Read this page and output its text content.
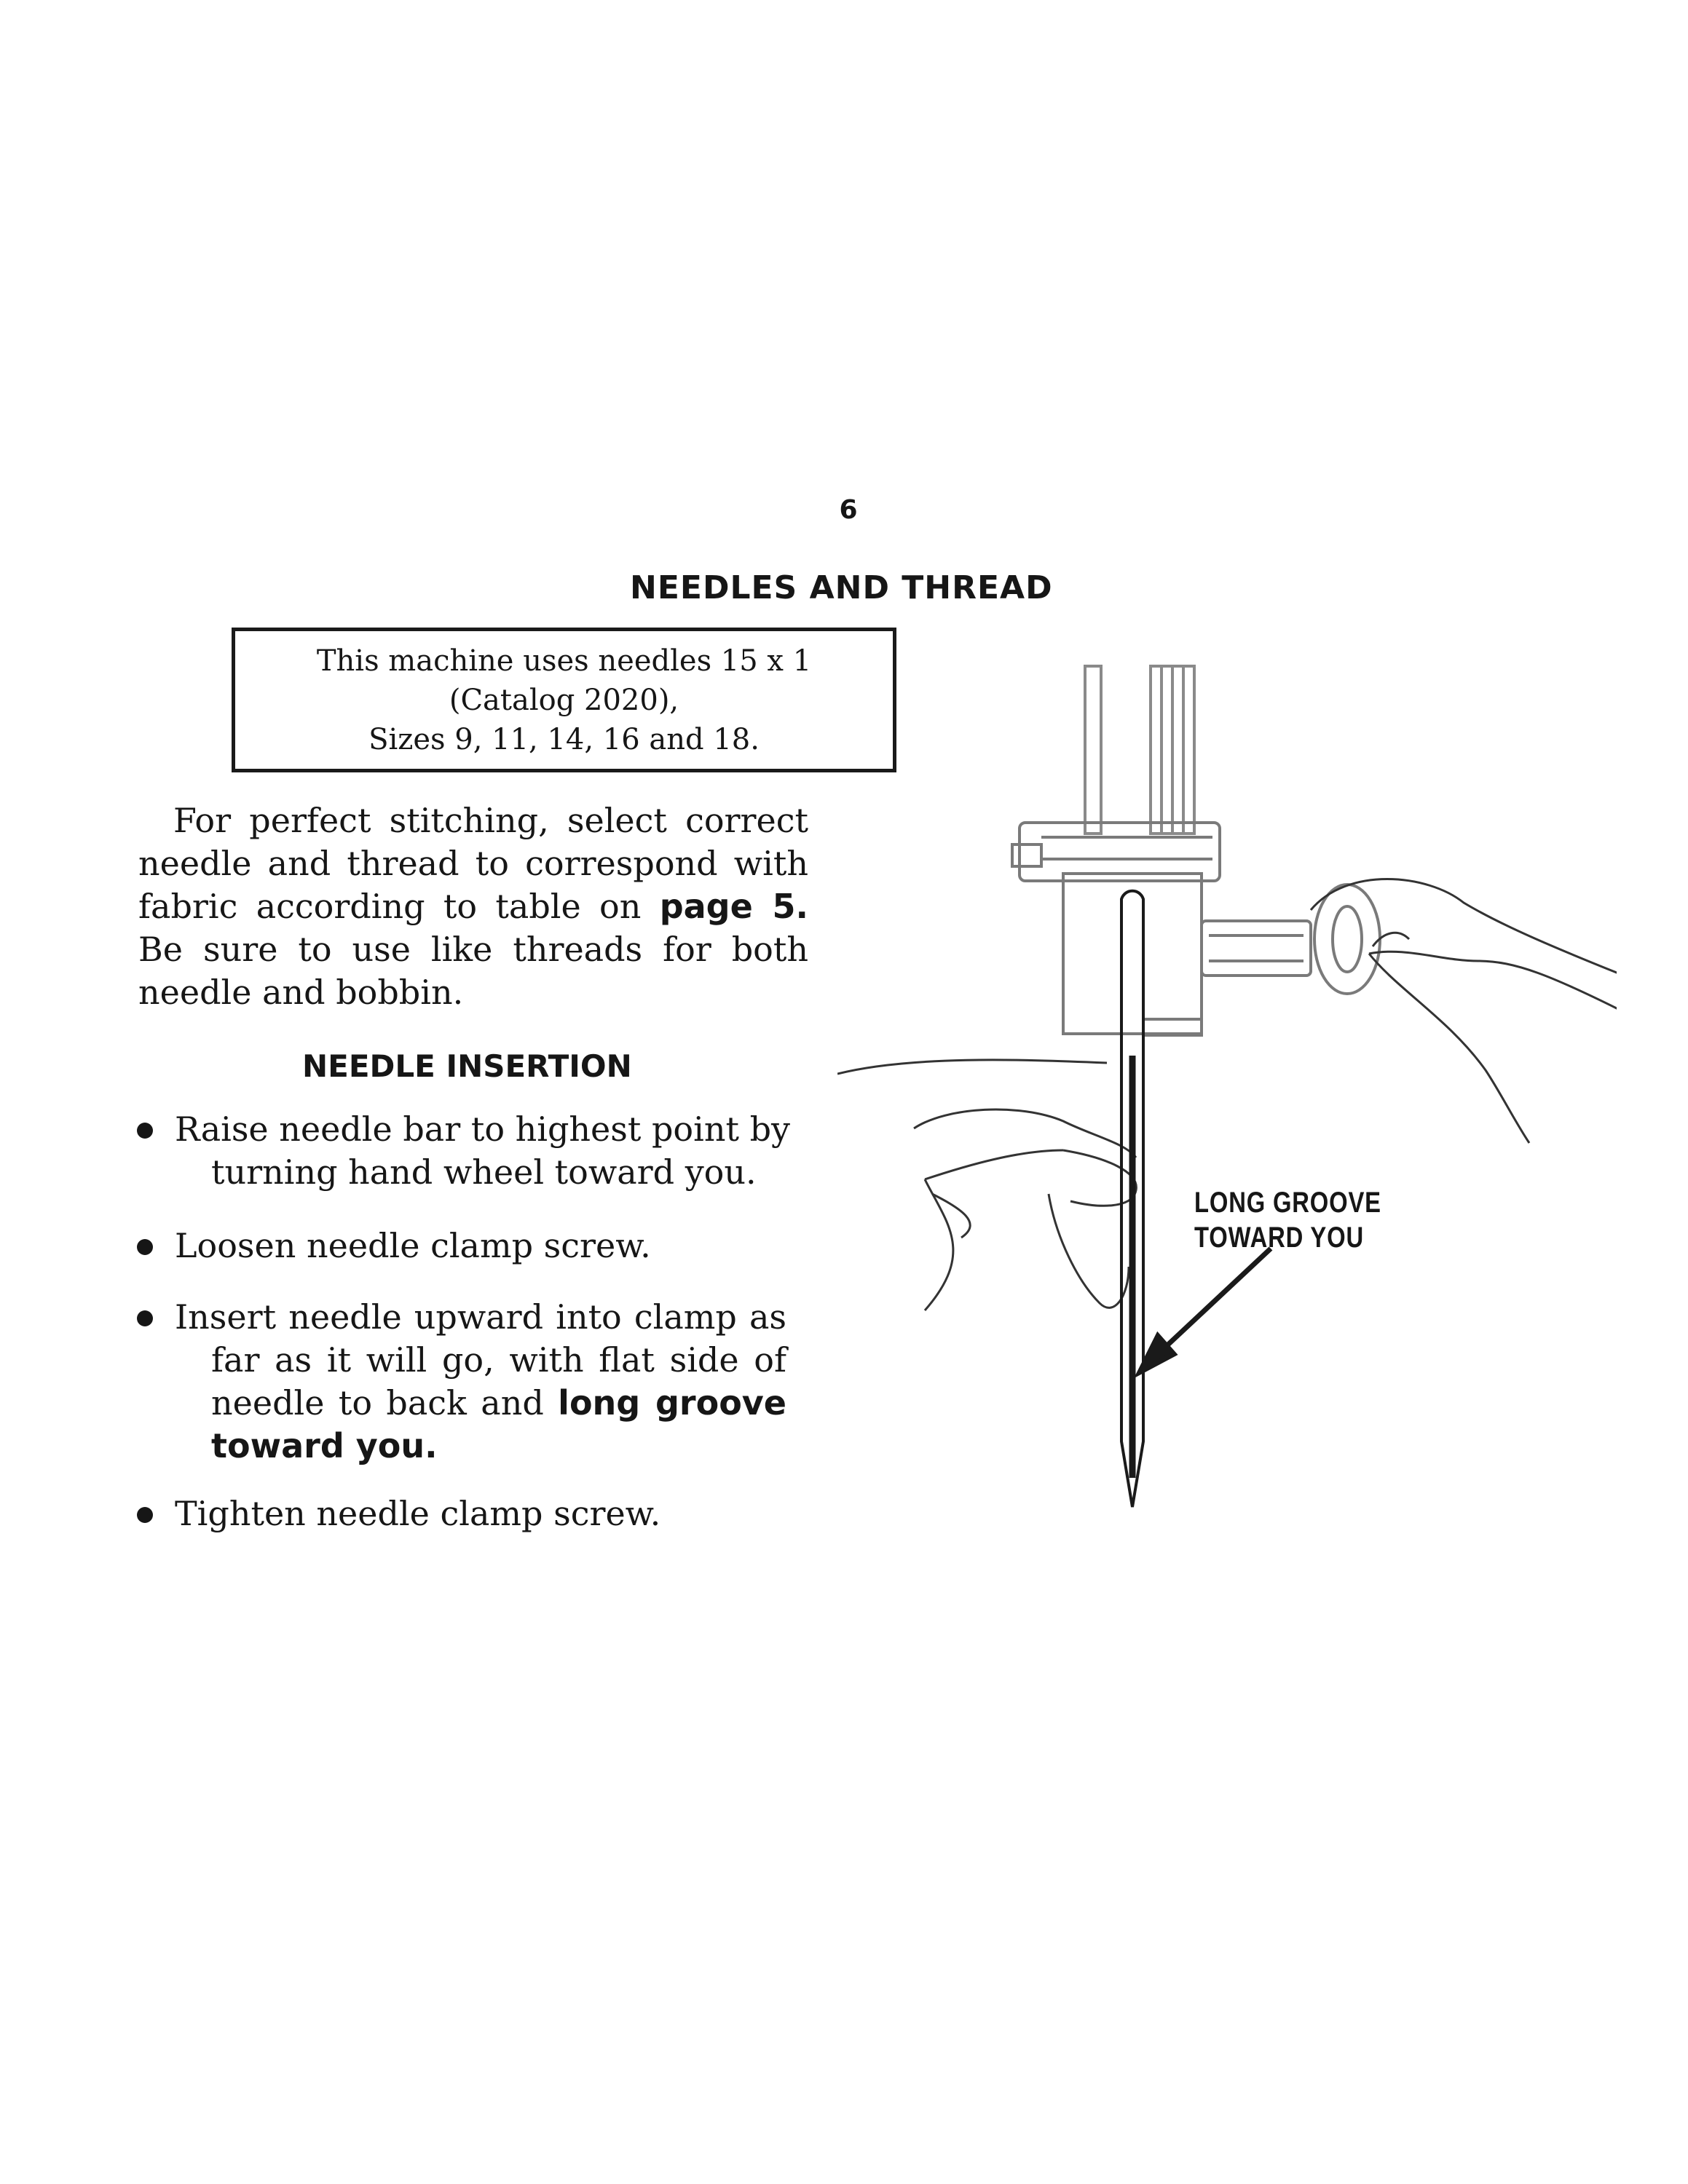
6
NEEDLES AND THREAD
This machine uses needles 15 x 1
(Catalog 2020),
Sizes 9, 11, 14, 16 and 18.
For perfect stitching, select correct
needle and thread to correspond with
fabric according to table on page 5.
Be sure to use like threads for both
needle and bobbin.
NEEDLE INSERTION
Raise needle bar to highest point by
turning hand wheel toward you.
Loosen needle clamp screw.
Insert needle upward into clamp as
far as it will go, with flat side of
needle to back and long groove
toward you.
Tighten needle clamp screw.
LONG GROOVE
TOWARD YOU
